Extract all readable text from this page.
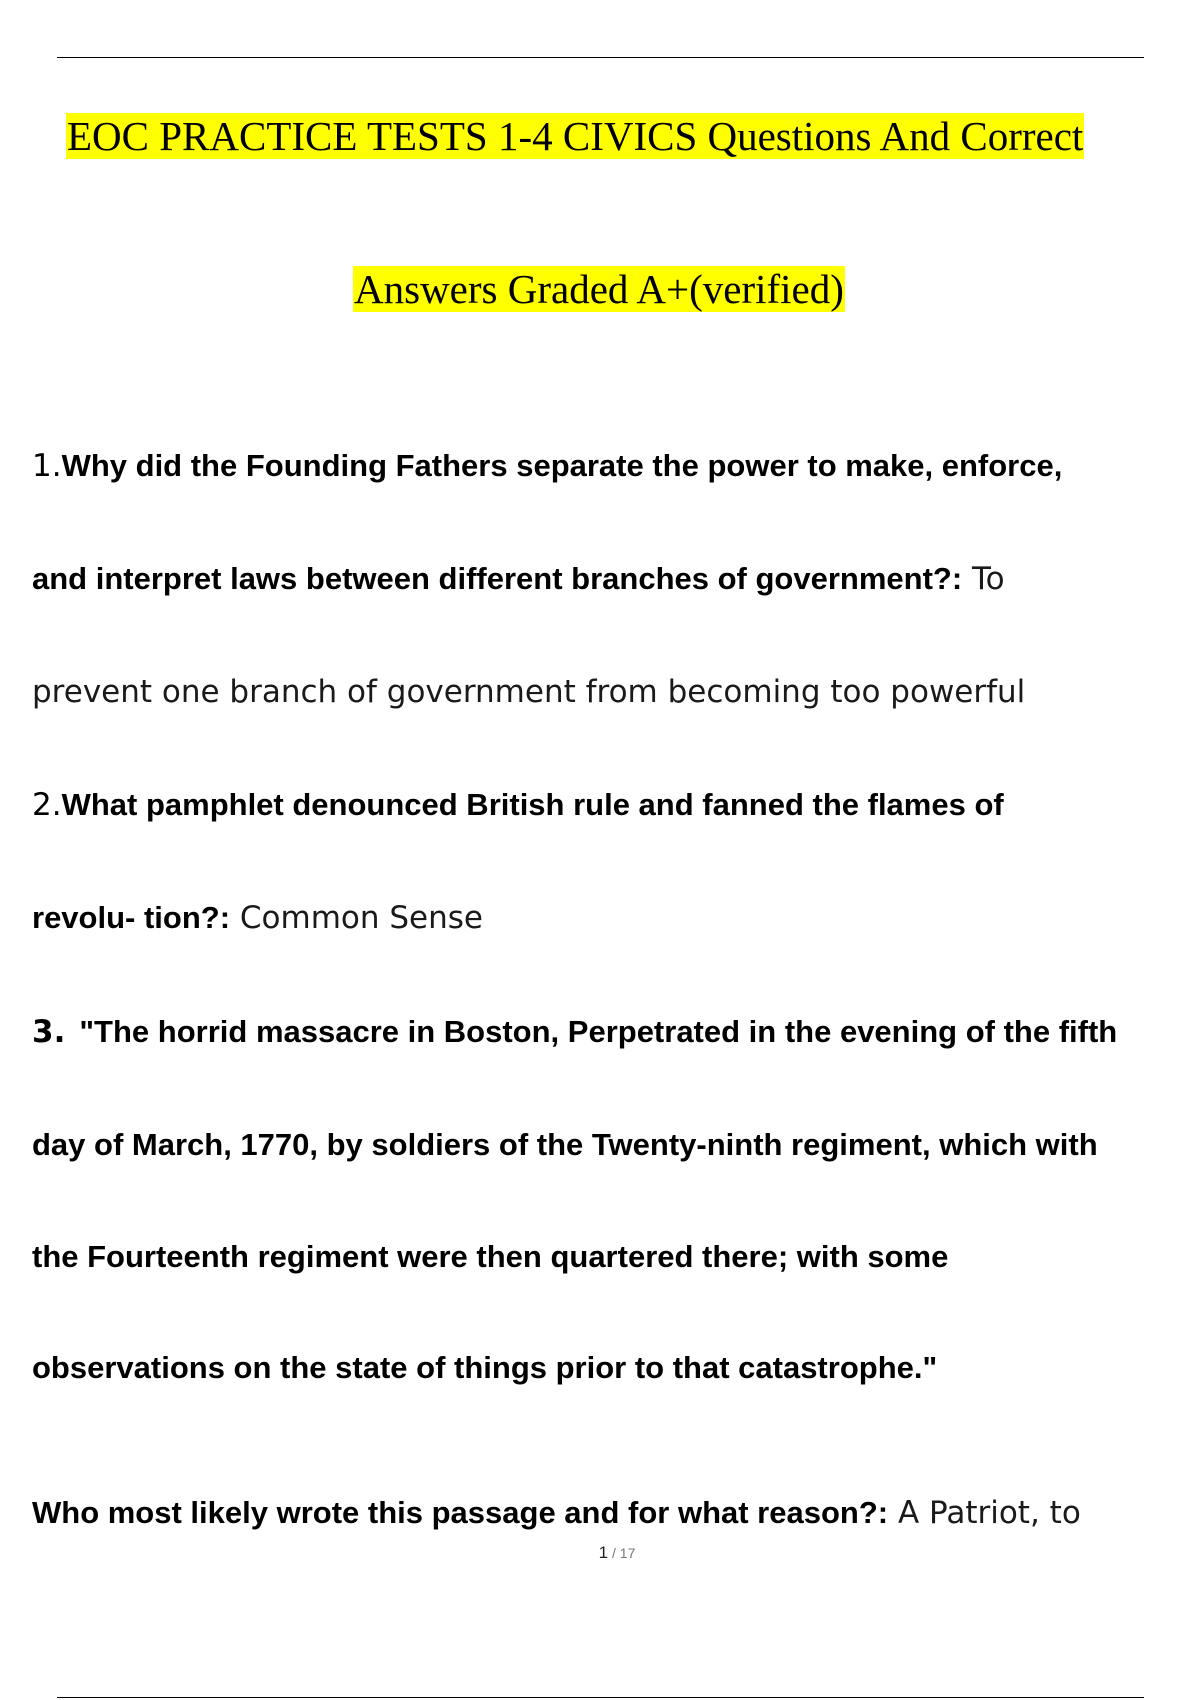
EOC PRACTICE TESTS 1-4 CIVICS Questions And Correct
Answers Graded A+(verified)
1.Why did the Founding Fathers separate the power to make, enforce,
and interpret laws between different branches of government?: To
prevent one branch of government from becoming too powerful
2.What pamphlet denounced British rule and fanned the flames of
revolu- tion?: Common Sense
3. "The horrid massacre in Boston, Perpetrated in the evening of the fifth
day of March, 1770, by soldiers of the Twenty-ninth regiment, which with
the Fourteenth regiment were then quartered there; with some
observations on the state of things prior to that catastrophe."
Who most likely wrote this passage and for what reason?: A Patriot, to
1 / 17
